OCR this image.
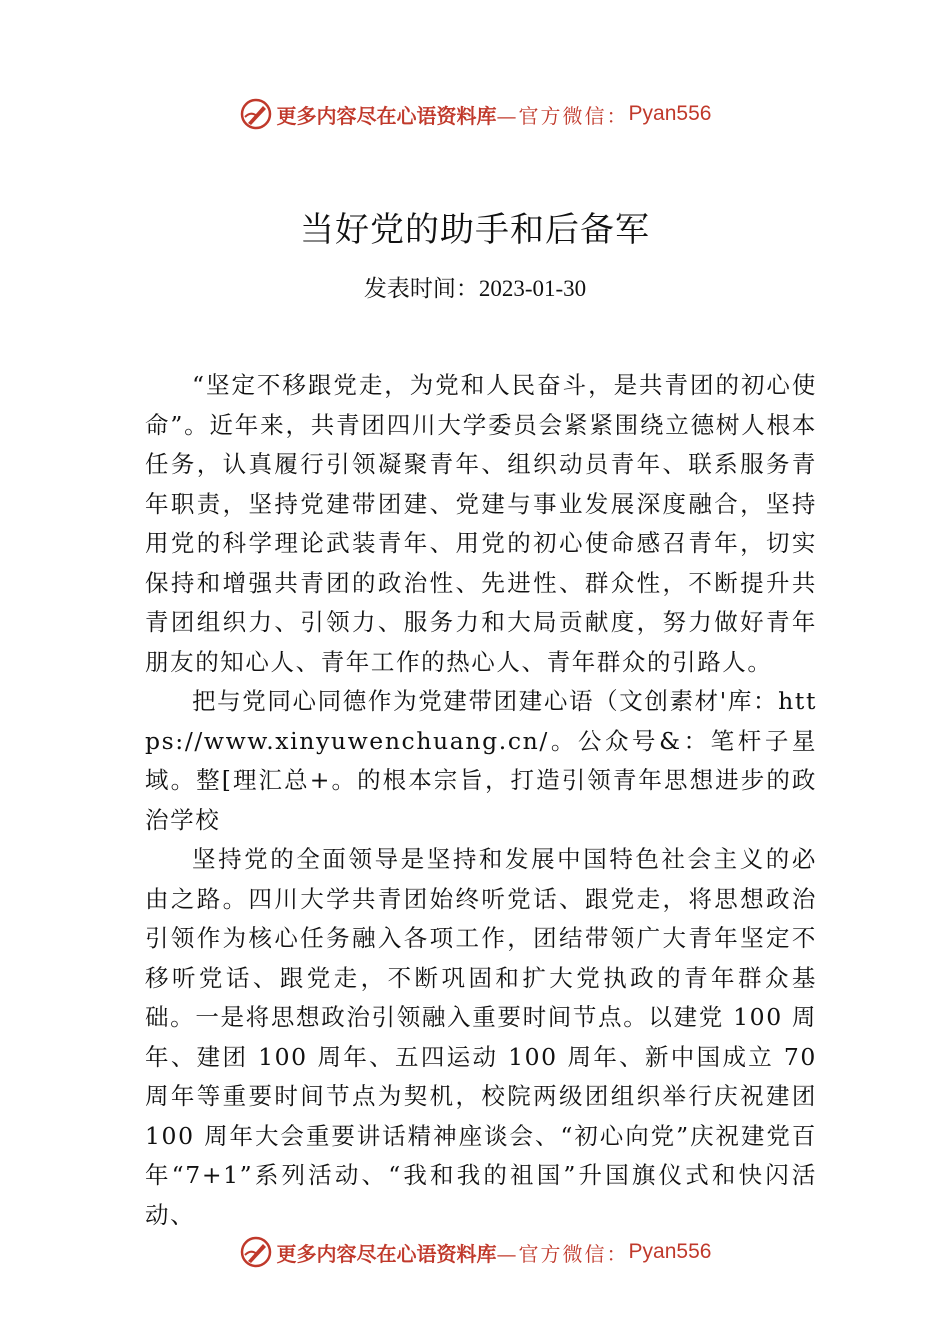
更多内容尽在心语资料库 —官方微信： Pyan556
当好党的助手和后备军
发表时间：2023-01-30

“坚定不移跟党走，为党和人民奋斗，是共青团的初心使命”。近年来，共青团四川大学委员会紧紧围绕立德树人根本任务，认真履行引领凝聚青年、组织动员青年、联系服务青年职责，坚持党建带团建、党建与事业发展深度融合，坚持用党的科学理论武装青年、用党的初心使命感召青年，切实保持和增强共青团的政治性、先进性、群众性，不断提升共青团组织力、引领力、服务力和大局贡献度，努力做好青年朋友的知心人、青年工作的热心人、青年群众的引路人。

把与党同心同德作为党建带团建心语（文创素材'库：https://www.xinyuwenchuang.cn/。公众号&：笔杆子星域。整[理汇总+。的根本宗旨，打造引领青年思想进步的政治学校

坚持党的全面领导是坚持和发展中国特色社会主义的必由之路。四川大学共青团始终听党话、跟党走，将思想政治引领作为核心任务融入各项工作，团结带领广大青年坚定不移听党话、跟党走，不断巩固和扩大党执政的青年群众基础。一是将思想政治引领融入重要时间节点。以建党 100 周年、建团 100 周年、五四运动 100 周年、新中国成立 70 周年等重要时间节点为契机，校院两级团组织举行庆祝建团 100 周年大会重要讲话精神座谈会、“初心向党”庆祝建党百年“7+1”系列活动、“我和我的祖国”升国旗仪式和快闪活动、

更多内容尽在心语资料库 —官方微信： Pyan556
